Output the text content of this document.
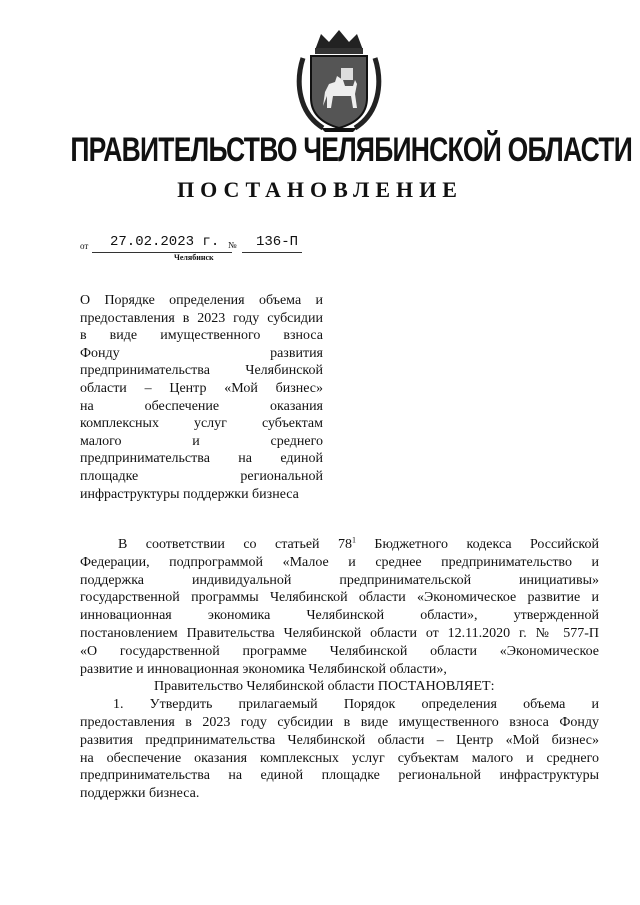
ПРАВИТЕЛЬСТВО ЧЕЛЯБИНСКОЙ ОБЛАСТИ
ПОСТАНОВЛЕНИЕ
от 27.02.2023 г. № 136-П
Челябинск
О Порядке определения объема и
предоставления в 2023 году субсидии
в виде имущественного взноса
Фонду развития
предпринимательства Челябинской
области – Центр «Мой бизнес»
на обеспечение оказания
комплексных услуг субъектам
малого и среднего
предпринимательства на единой
площадке региональной
инфраструктуры поддержки бизнеса
В соответствии со статьей $78^1$ Бюджетного кодекса Российской
Федерации, подпрограммой «Малое и среднее предпринимательство и
поддержка индивидуальной предпринимательской инициативы»
государственной программы Челябинской области «Экономическое развитие и
инновационная экономика Челябинской области», утвержденной
постановлением Правительства Челябинской области от 12.11.2020 г. № 577-П
«О государственной программе Челябинской области «Экономическое
развитие и инновационная экономика Челябинской области»,
Правительство Челябинской области ПОСТАНОВЛЯЕТ:
1. Утвердить прилагаемый Порядок определения объема и
предоставления в 2023 году субсидии в виде имущественного взноса Фонду
развития предпринимательства Челябинской области – Центр «Мой бизнес»
на обеспечение оказания комплексных услуг субъектам малого и среднего
предпринимательства на единой площадке региональной инфраструктуры
поддержки бизнеса.
